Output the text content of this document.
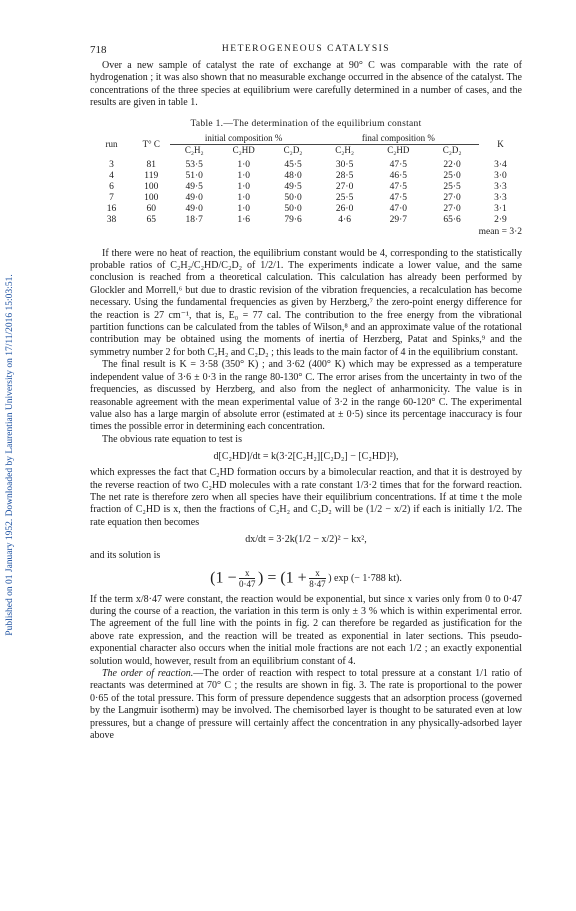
Published on 01 January 1952. Downloaded by Laurentian University on 17/11/2016 15:03:51.
718	HETEROGENEOUS CATALYSIS

Over a new sample of catalyst the rate of exchange at 90° C was comparable with the rate of hydrogenation ; it was also shown that no measurable exchange occurred in the absence of the catalyst. The concentrations of the three species at equilibrium were carefully determined in a number of cases, and the results are given in table 1.

Table 1.—The determination of the equilibrium constant
run	T° C	initial composition %			final composition %			K
		C₂H₂	C₂HD	C₂D₂	C₂H₂	C₂HD	C₂D₂	
3	81	53·5	1·0	45·5	30·5	47·5	22·0	3·4
4	119	51·0	1·0	48·0	28·5	46·5	25·0	3·0
6	100	49·5	1·0	49·5	27·0	47·5	25·5	3·3
7	100	49·0	1·0	50·0	25·5	47·5	27·0	3·3
16	60	49·0	1·0	50·0	26·0	47·0	27·0	3·1
38	65	18·7	1·6	79·6	4·6	29·7	65·6	2·9
mean = 3·2								

If there were no heat of reaction, the equilibrium constant would be 4, corresponding to the statistically probable ratios of C₂H₂/C₂HD/C₂D₂ of 1/2/1. The experiments indicate a lower value, and the same conclusion is reached from a theoretical calculation. This calculation has already been performed by Glockler and Morrell,⁶ but due to drastic revision of the vibration frequencies, a recalculation has become necessary. Using the fundamental frequencies as given by Herzberg,⁷ the zero-point energy difference for the reaction is 27 cm⁻¹, that is, E₀ = 77 cal. The contribution to the free energy from the vibrational partition functions can be calculated from the tables of Wilson,⁸ and an approximate value of the rotational contribution may be obtained using the moments of inertia of Herzberg, Patat and Spinks,⁹ and the symmetry number 2 for both C₂H₂ and C₂D₂ ; this leads to the main factor of 4 in the equilibrium constant.

The final result is K = 3·58 (350° K) ; and 3·62 (400° K) which may be expressed as a temperature independent value of 3·6 ± 0·3 in the range 80-130° C. The error arises from the uncertainty in two of the frequencies, as discussed by Herzberg, and also from the neglect of anharmonicity. The value is in reasonable agreement with the mean experimental value of 3·2 in the range 60-120° C. The experimental value also has a large margin of absolute error (estimated at ± 0·5) since its percentage inaccuracy is four times the possible error in determining each concentration.

The obvious rate equation to test is

d[C₂HD]/dt = k(3·2[C₂H₂][C₂D₂] − [C₂HD]²),

which expresses the fact that C₂HD formation occurs by a bimolecular reaction, and that it is destroyed by the reverse reaction of two C₂HD molecules with a rate constant 1/3·2 times that for the forward reaction. The net rate is therefore zero when all species have their equilibrium concentrations. If at time t the mole fraction of C₂HD is x, then the fractions of C₂H₂ and C₂D₂ will be (1/2 − x/2) if each is initially 1/2. The rate equation then becomes

dx/dt = 3·2k(1/2 − x/2)² − kx²,

and its solution is

($1 - \frac{x}{0\cdot 47}$ ) = ($1 + \frac{x}{8\cdot 47}$ ) exp (− 1·788 kt).

If the term x/8·47 were constant, the reaction would be exponential, but since x varies only from 0 to 0·47 during the course of a reaction, the variation in this term is only ± 3 % which is within experimental error. The agreement of the full line with the points in fig. 2 can therefore be regarded as justification for the above rate expression, and the reaction will be treated as exponential in later sections. This pseudo-exponential character also occurs when the initial mole fractions are not each 1/2 ; an exactly exponential solution would, however, result from an equilibrium constant of 4.

The order of reaction.—The order of reaction with respect to total pressure at a constant 1/1 ratio of reactants was determined at 70° C ; the results are shown in fig. 3. The rate is proportional to the power 0·65 of the total pressure. This form of pressure dependence suggests that an adsorption process (governed by the Langmuir isotherm) may be involved. The chemisorbed layer is thought to be saturated even at low pressures, but a change of pressure will certainly affect the concentration in any physically-adsorbed layer above
